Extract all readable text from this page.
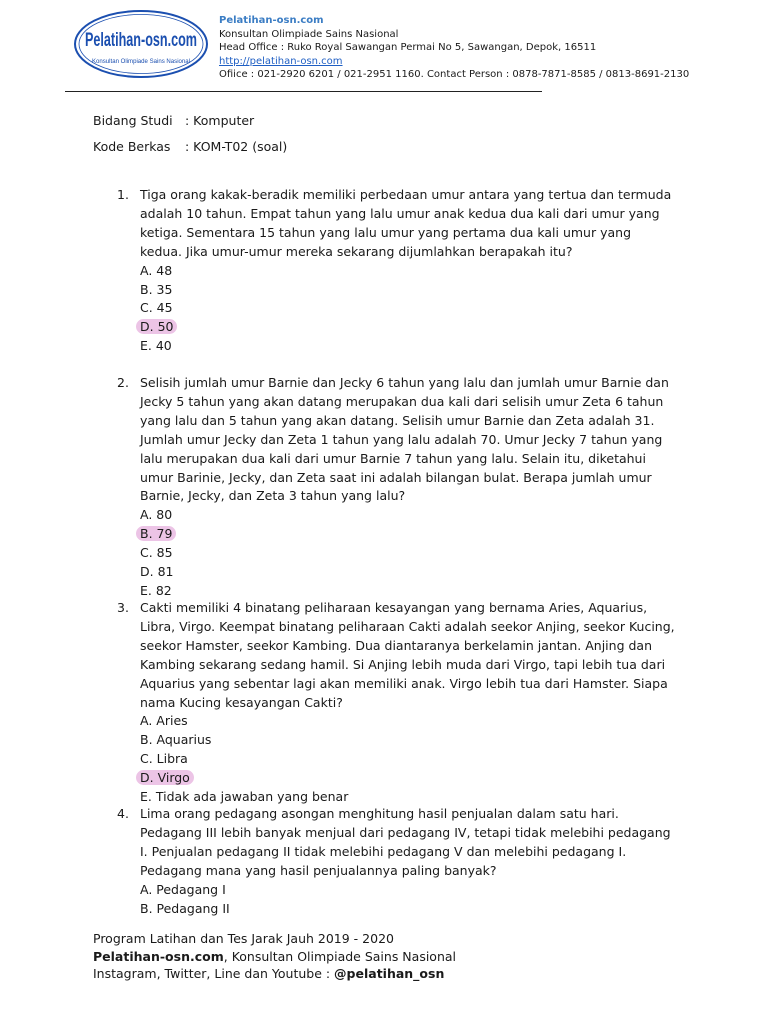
Pelatihan-osn.com
Konsultan Olimpiade Sains Nasional
Pelatihan-osn.com
Konsultan Olimpiade Sains Nasional
Head Office : Ruko Royal Sawangan Permai No 5, Sawangan, Depok, 16511
http://pelatihan-osn.com
Ofiice : 021-2920 6201 / 021-2951 1160. Contact Person : 0878-7871-8585 / 0813-8691-2130
Bidang Studi : Komputer
Kode Berkas	: KOM-T02 (soal)
1. Tiga orang kakak-beradik memiliki perbedaan umur antara yang tertua dan termuda adalah 10 tahun. Empat tahun yang lalu umur anak kedua dua kali dari umur yang ketiga. Sementara 15 tahun yang lalu umur yang pertama dua kali umur yang kedua. Jika umur-umur mereka sekarang dijumlahkan berapakah itu?
A. 48
B. 35
C. 45
D. 50
E. 40
2. Selisih jumlah umur Barnie dan Jecky 6 tahun yang lalu dan jumlah umur Barnie dan Jecky 5 tahun yang akan datang merupakan dua kali dari selisih umur Zeta 6 tahun yang lalu dan 5 tahun yang akan datang. Selisih umur Barnie dan Zeta adalah 31. Jumlah umur Jecky dan Zeta 1 tahun yang lalu adalah 70. Umur Jecky 7 tahun yang lalu merupakan dua kali dari umur Barnie 7 tahun yang lalu. Selain itu, diketahui umur Barinie, Jecky, dan Zeta saat ini adalah bilangan bulat. Berapa jumlah umur Barnie, Jecky, dan Zeta 3 tahun yang lalu?
A. 80
B. 79
C. 85
D. 81
E. 82
3. Cakti memiliki 4 binatang peliharaan kesayangan yang bernama Aries, Aquarius, Libra, Virgo. Keempat binatang peliharaan Cakti adalah seekor Anjing, seekor Kucing, seekor Hamster, seekor Kambing. Dua diantaranya berkelamin jantan. Anjing dan Kambing sekarang sedang hamil. Si Anjing lebih muda dari Virgo, tapi lebih tua dari Aquarius yang sebentar lagi akan memiliki anak. Virgo lebih tua dari Hamster. Siapa nama Kucing kesayangan Cakti?
A. Aries
B. Aquarius
C. Libra
D. Virgo
E. Tidak ada jawaban yang benar
4. Lima orang pedagang asongan menghitung hasil penjualan dalam satu hari. Pedagang III lebih banyak menjual dari pedagang IV, tetapi tidak melebihi pedagang I. Penjualan pedagang II tidak melebihi pedagang V dan melebihi pedagang I. Pedagang mana yang hasil penjualannya paling banyak?
A. Pedagang I
B. Pedagang II
Program Latihan dan Tes Jarak Jauh 2019 - 2020
Pelatihan-osn.com, Konsultan Olimpiade Sains Nasional
Instagram, Twitter, Line dan Youtube : @pelatihan_osn
